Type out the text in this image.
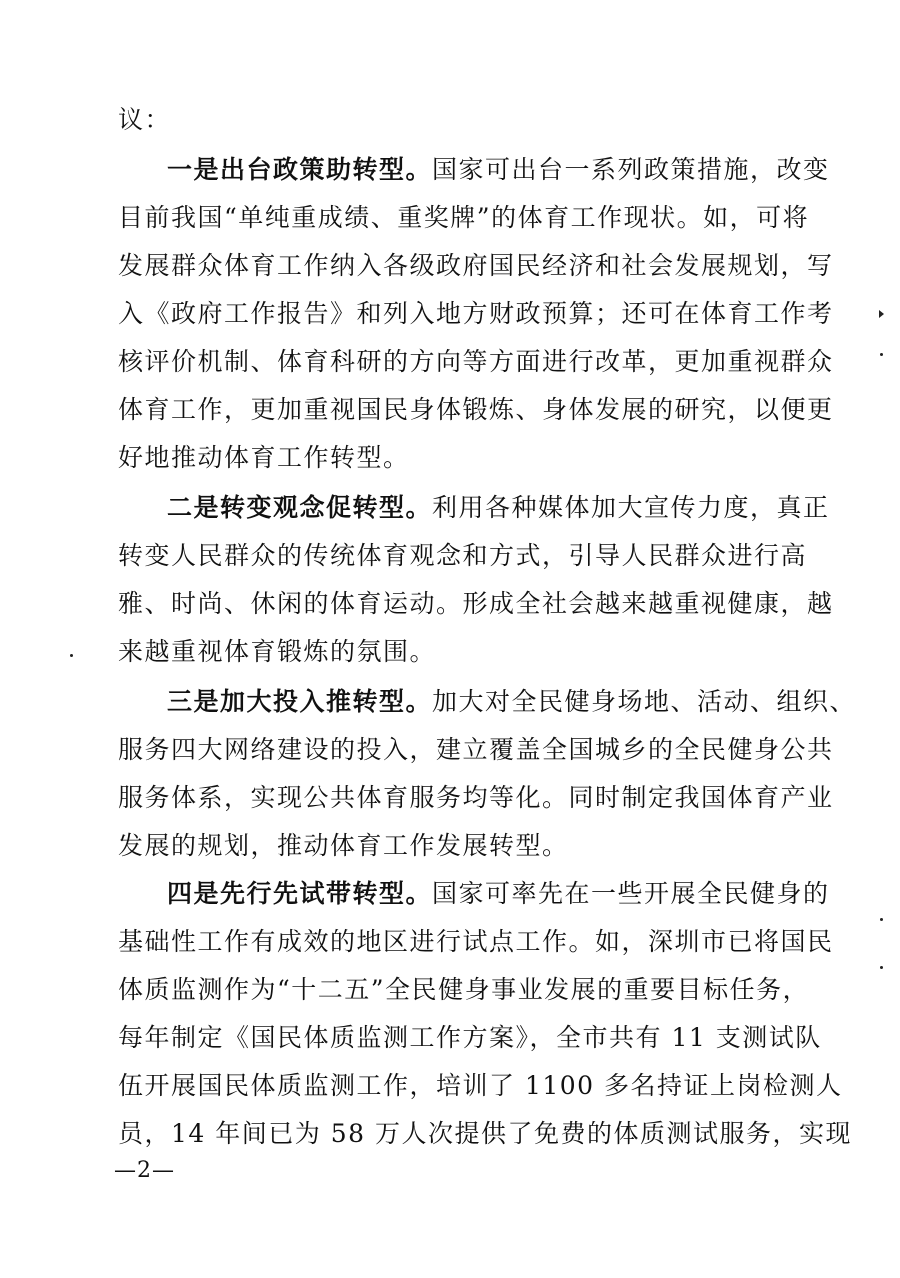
议：
一是出台政策助转型。国家可出台一系列政策措施，改变
目前我国“单纯重成绩、重奖牌”的体育工作现状。如，可将
发展群众体育工作纳入各级政府国民经济和社会发展规划，写
入《政府工作报告》和列入地方财政预算；还可在体育工作考
核评价机制、体育科研的方向等方面进行改革，更加重视群众
体育工作，更加重视国民身体锻炼、身体发展的研究，以便更
好地推动体育工作转型。
二是转变观念促转型。利用各种媒体加大宣传力度，真正
转变人民群众的传统体育观念和方式，引导人民群众进行高
雅、时尚、休闲的体育运动。形成全社会越来越重视健康，越
来越重视体育锻炼的氛围。
三是加大投入推转型。加大对全民健身场地、活动、组织、
服务四大网络建设的投入，建立覆盖全国城乡的全民健身公共
服务体系，实现公共体育服务均等化。同时制定我国体育产业
发展的规划，推动体育工作发展转型。
四是先行先试带转型。国家可率先在一些开展全民健身的
基础性工作有成效的地区进行试点工作。如，深圳市已将国民
体质监测作为“十二五”全民健身事业发展的重要目标任务，
每年制定《国民体质监测工作方案》，全市共有 11 支测试队
伍开展国民体质监测工作，培训了 1100 多名持证上岗检测人
员，14 年间已为 58 万人次提供了免费的体质测试服务，实现
—2—
